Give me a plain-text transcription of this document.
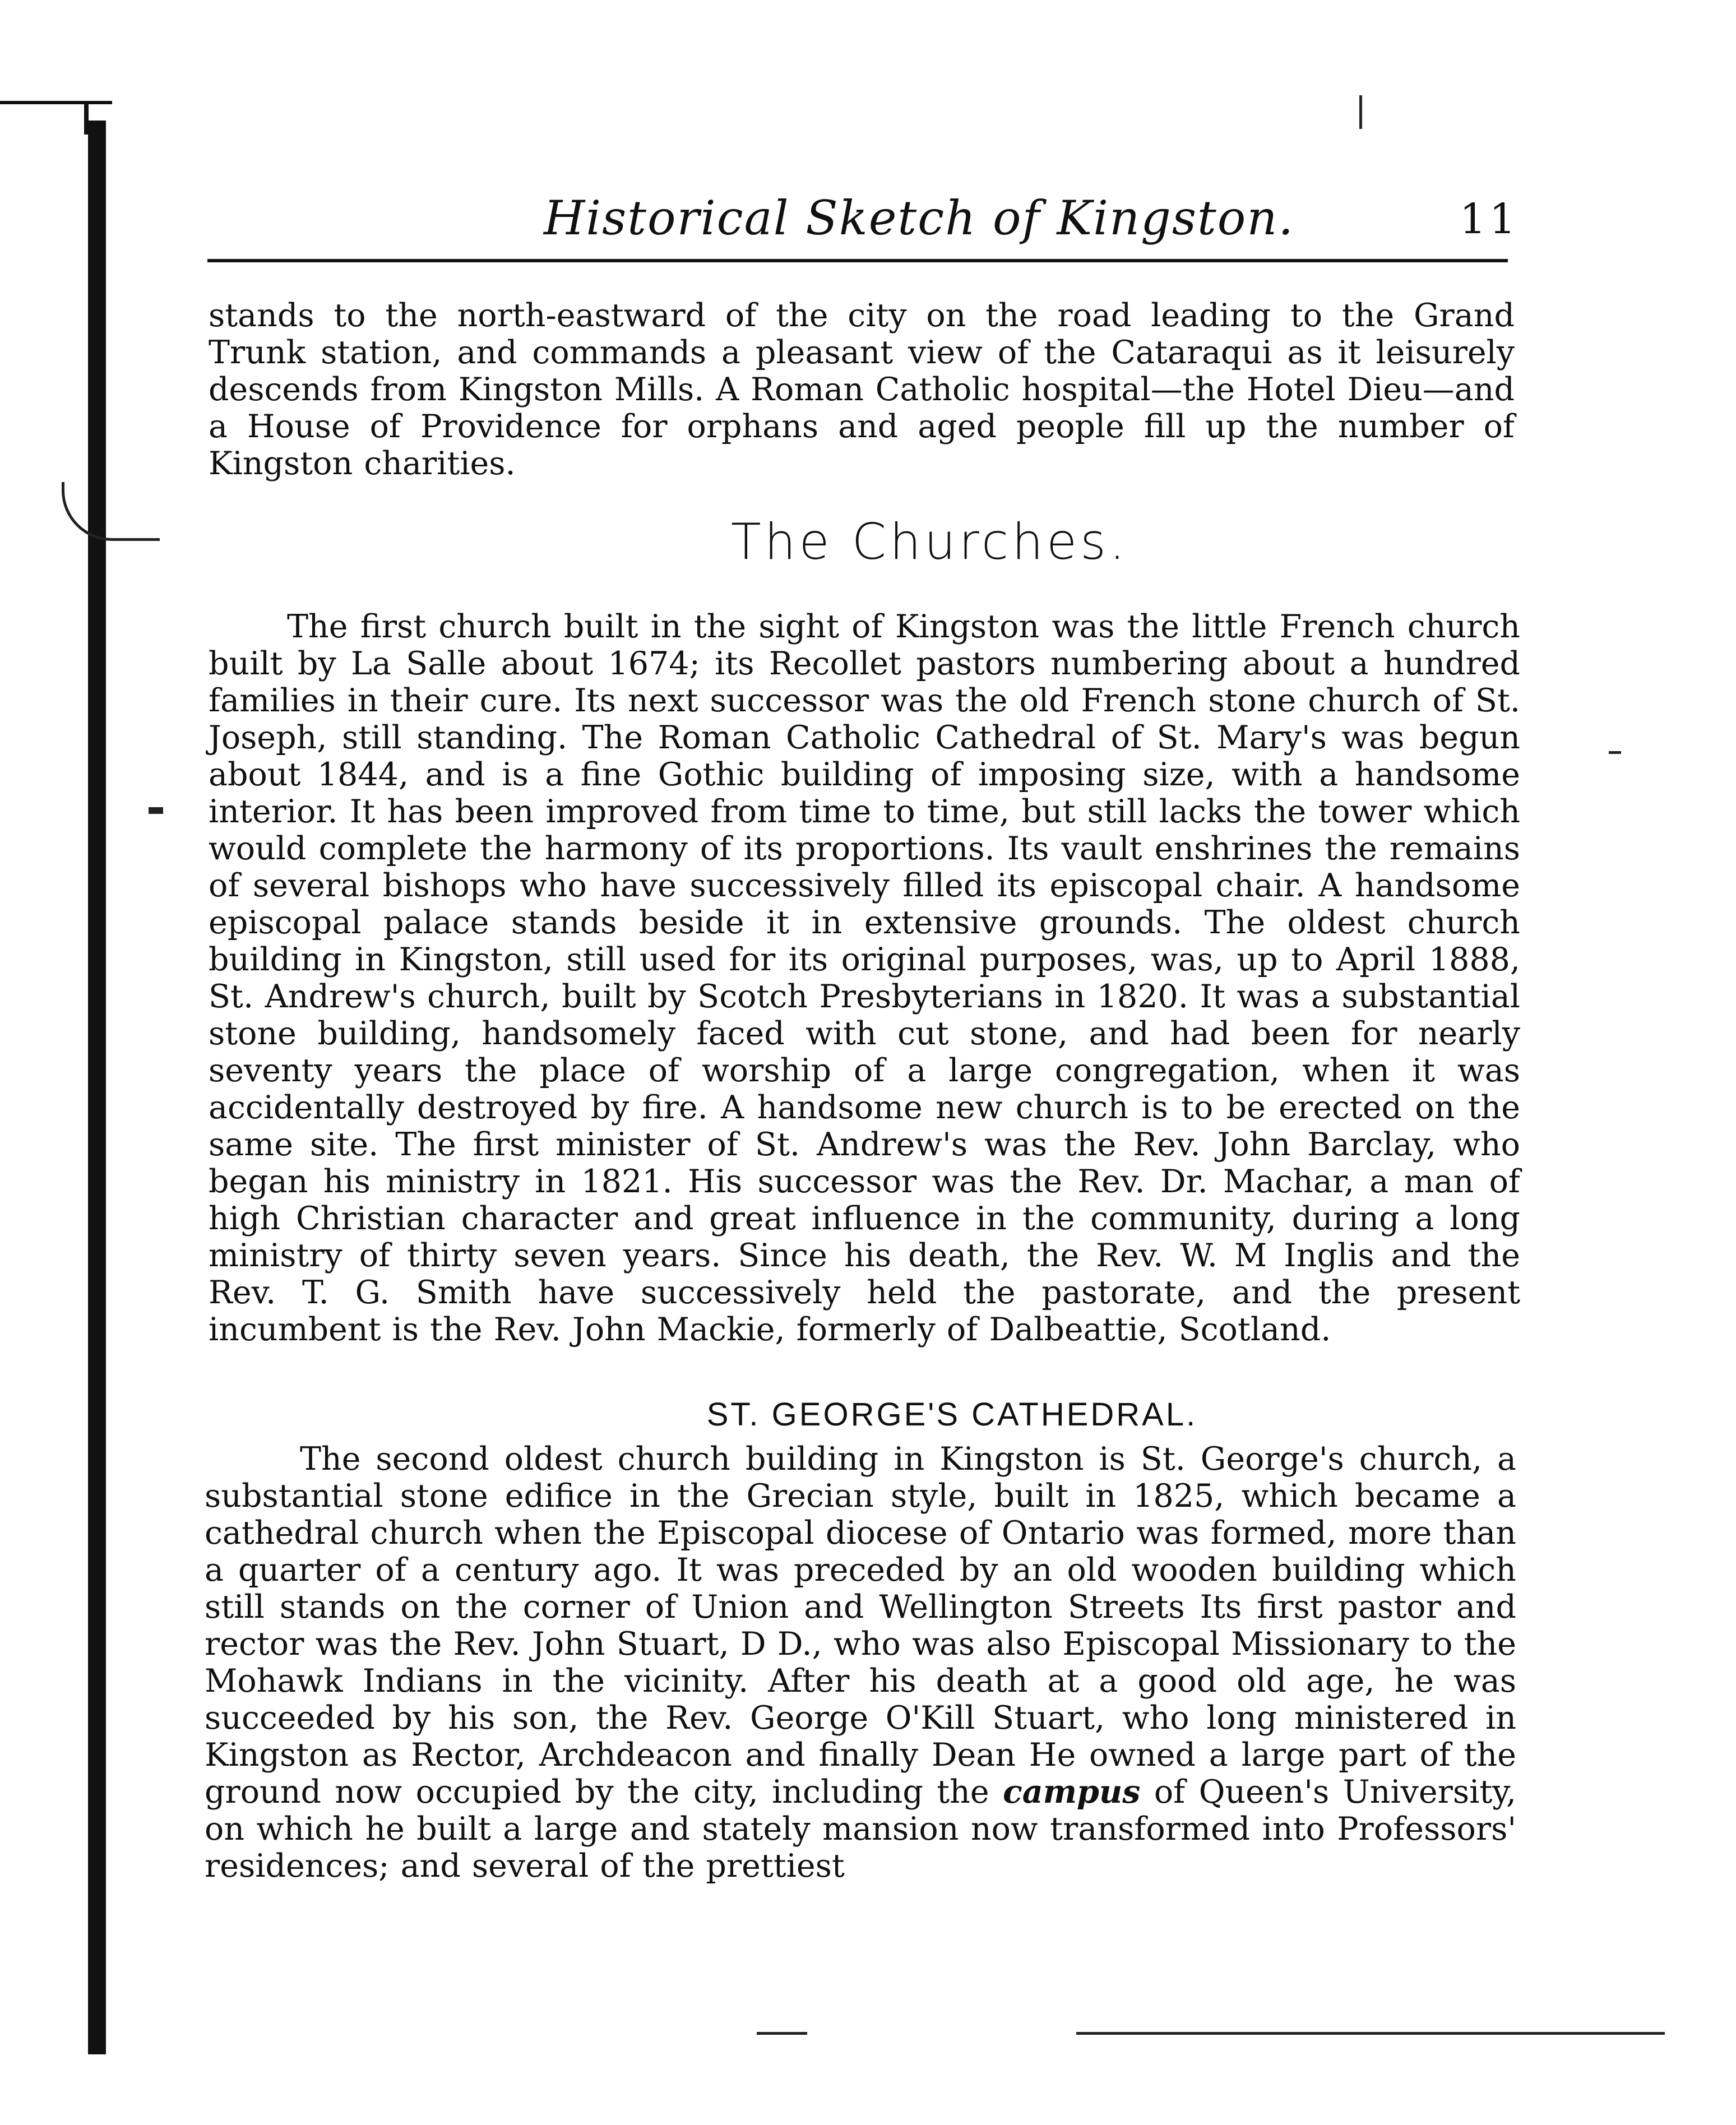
Historical Sketch of Kingston.	11

stands to the north-eastward of the city on the road leading to the Grand Trunk station, and commands a pleasant view of the Cataraqui as it leisurely descends from Kingston Mills. A Roman Catholic hospital—the Hotel Dieu—and a House of Providence for orphans and aged people fill up the number of Kingston charities.

The Churches.

The first church built in the sight of Kingston was the little French church built by La Salle about 1674; its Recollet pastors numbering about a hundred families in their cure. Its next successor was the old French stone church of St. Joseph, still standing. The Roman Catholic Cathedral of St. Mary's was begun about 1844, and is a fine Gothic building of imposing size, with a handsome interior. It has been improved from time to time, but still lacks the tower which would complete the harmony of its proportions. Its vault enshrines the remains of several bishops who have successively filled its episcopal chair. A handsome episcopal palace stands beside it in extensive grounds. The oldest church building in Kingston, still used for its original purposes, was, up to April 1888, St. Andrew's church, built by Scotch Presbyterians in 1820. It was a substantial stone building, handsomely faced with cut stone, and had been for nearly seventy years the place of worship of a large congregation, when it was accidentally destroyed by fire. A handsome new church is to be erected on the same site. The first minister of St. Andrew's was the Rev. John Barclay, who began his ministry in 1821. His successor was the Rev. Dr. Machar, a man of high Christian character and great influence in the community, during a long ministry of thirty seven years. Since his death, the Rev. W. M Inglis and the Rev. T. G. Smith have successively held the pastorate, and the present incumbent is the Rev. John Mackie, formerly of Dalbeattie, Scotland.

ST. GEORGE'S CATHEDRAL.

The second oldest church building in Kingston is St. George's church, a substantial stone edifice in the Grecian style, built in 1825, which became a cathedral church when the Episcopal diocese of Ontario was formed, more than a quarter of a century ago. It was preceded by an old wooden building which still stands on the corner of Union and Wellington Streets Its first pastor and rector was the Rev. John Stuart, D D., who was also Episcopal Missionary to the Mohawk Indians in the vicinity. After his death at a good old age, he was succeeded by his son, the Rev. George O'Kill Stuart, who long ministered in Kingston as Rector, Archdeacon and finally Dean He owned a large part of the ground now occupied by the city, including the campus of Queen's University, on which he built a large and stately mansion now transformed into Professors' residences; and several of the prettiest
